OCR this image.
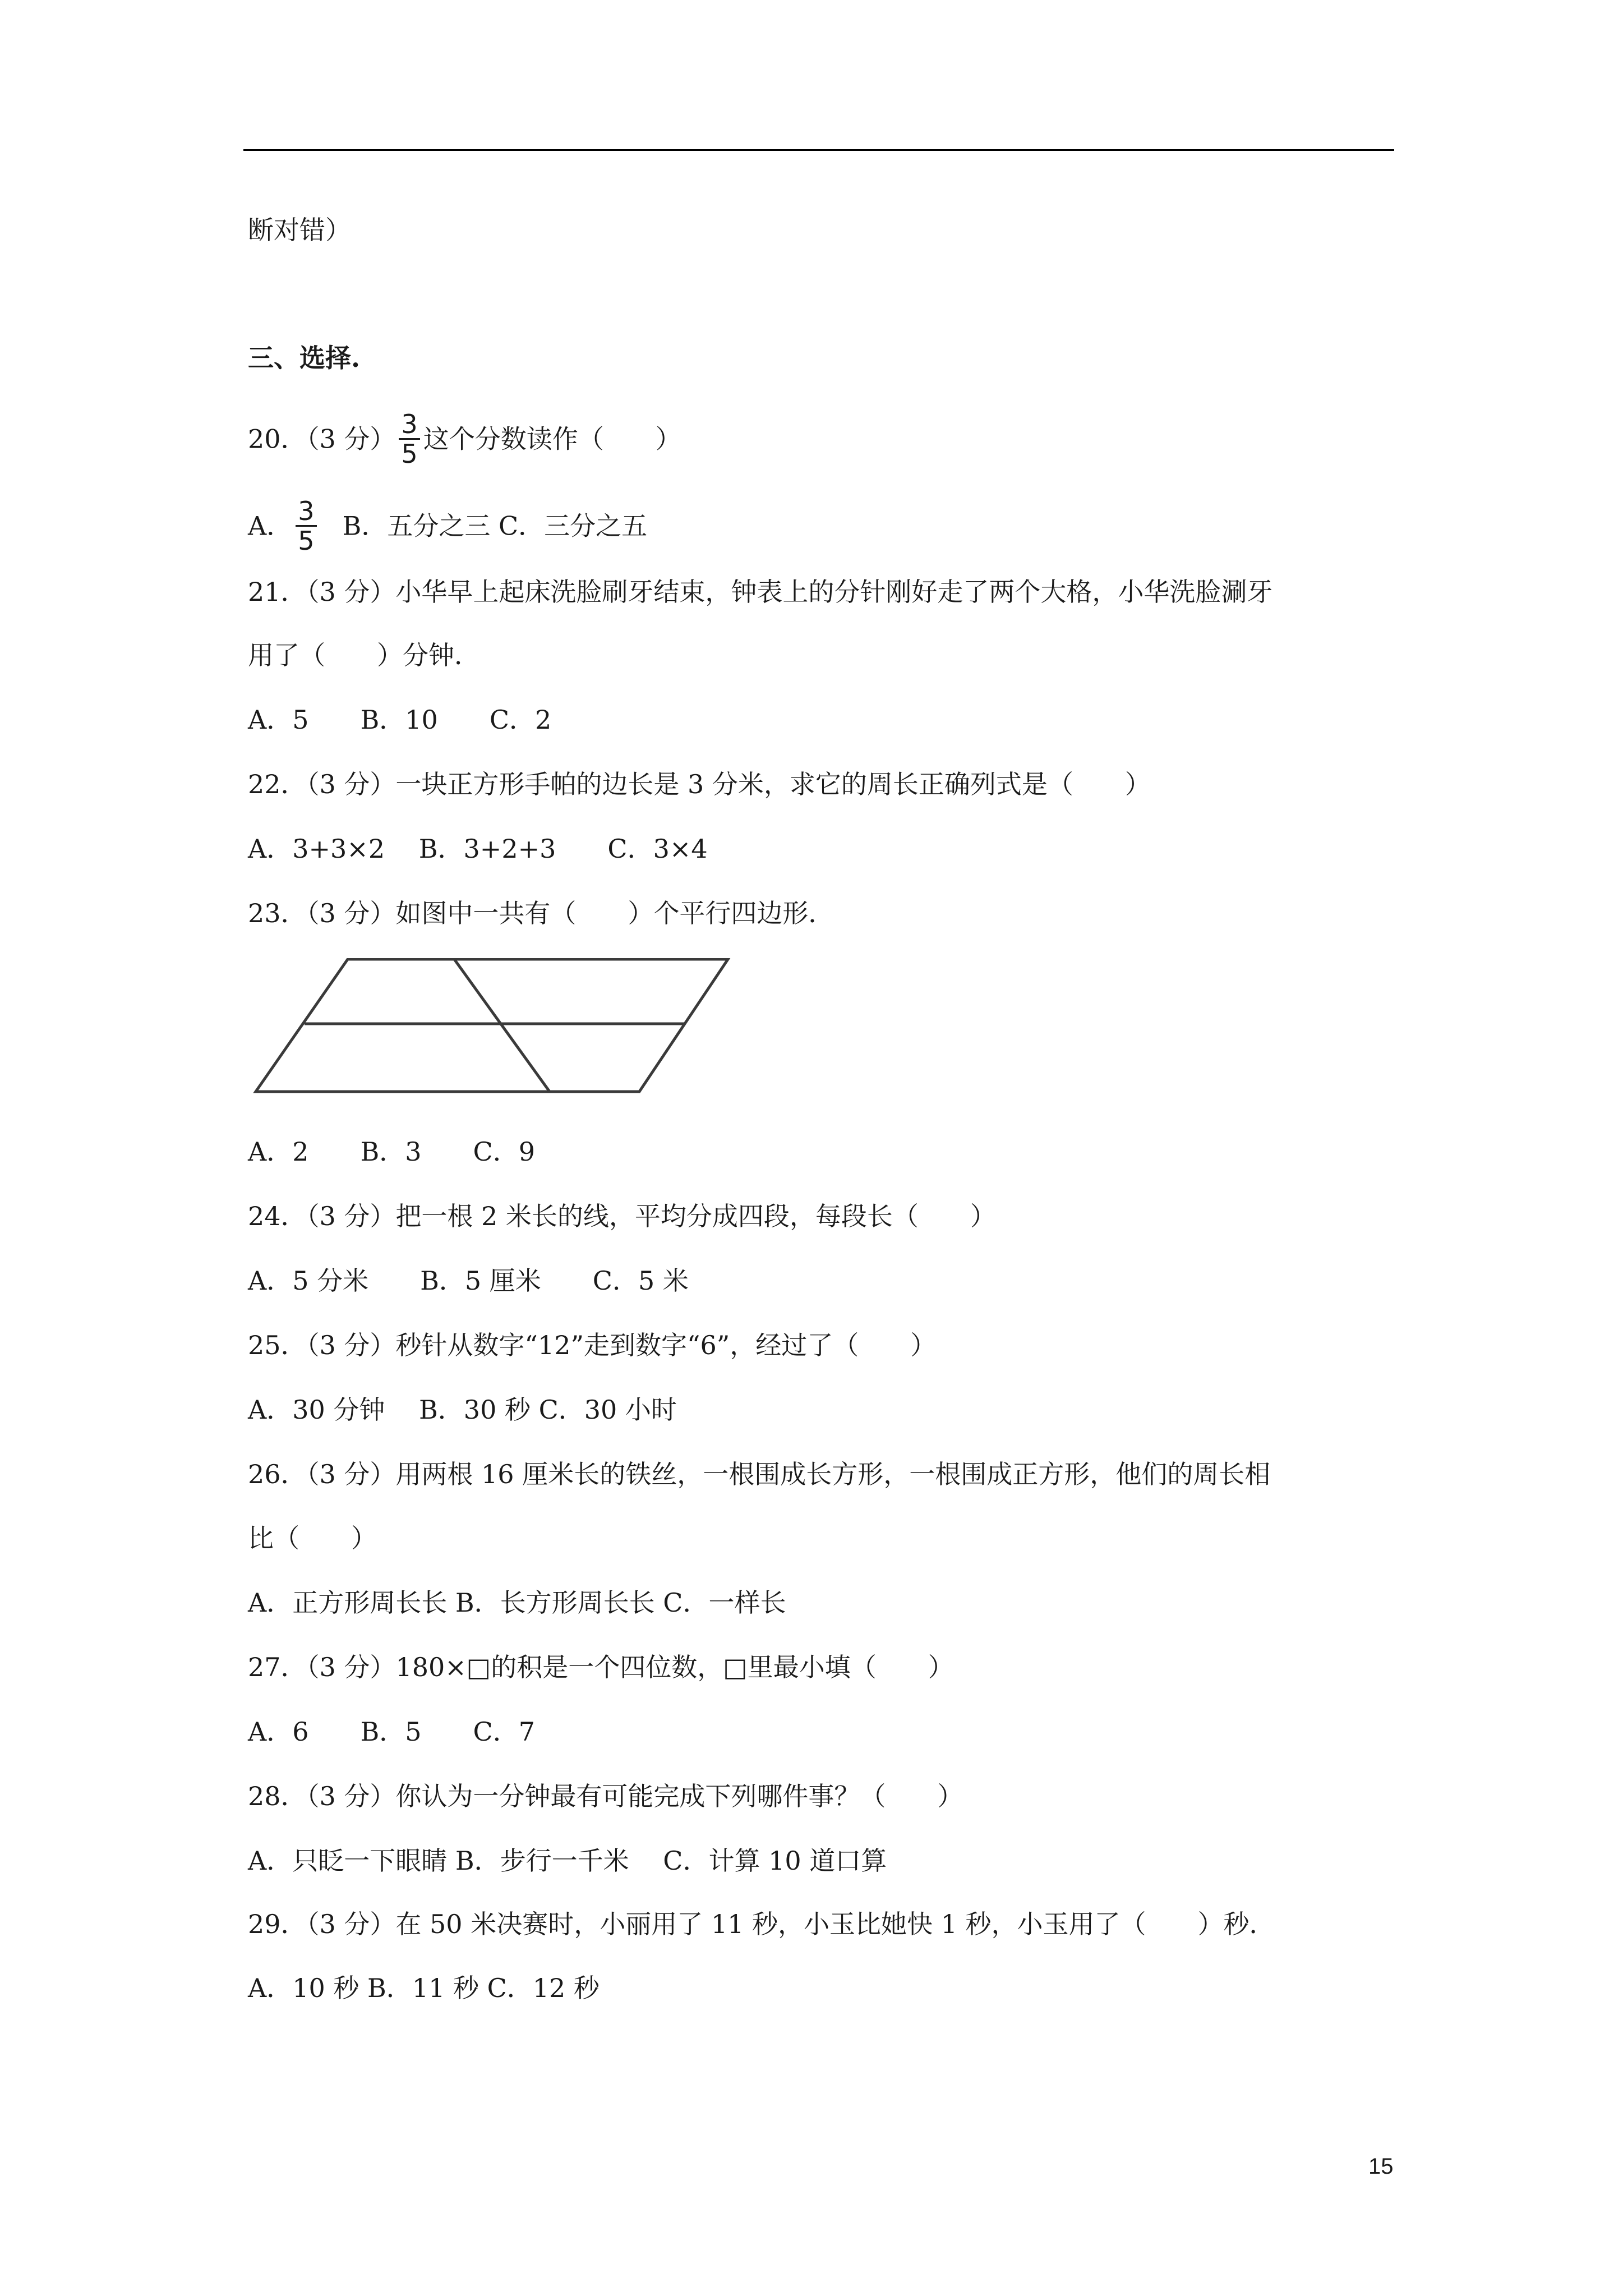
断对错）
三、选择.
20．（3 分） $\frac{3}{5}$ 这个分数读作（　　）
A． $\frac{3}{5}$ B．五分之三 C．三分之五
21．（3 分）小华早上起床洗脸刷牙结束，钟表上的分针刚好走了两个大格，小华洗脸涮牙
用了（　　）分钟．
A．5　　B．10　　C．2
22．（3 分）一块正方形手帕的边长是 3 分米，求它的周长正确列式是（　　）
A．3+3×2　 B．3+2+3　　C．3×4
23．（3 分）如图中一共有（　　）个平行四边形．
A．2　　B．3　　C．9
24．（3 分）把一根 2 米长的线，平均分成四段，每段长（　　）
A．5 分米　　B．5 厘米　　C．5 米
25．（3 分）秒针从数字“12”走到数字“6”，经过了（　　）
A．30 分钟　 B．30 秒 C．30 小时
26．（3 分）用两根 16 厘米长的铁丝，一根围成长方形，一根围成正方形，他们的周长相
比（　　）
A．正方形周长长 B．长方形周长长 C．一样长
27．（3 分）180×□的积是一个四位数，□里最小填（　　）
A．6　　B．5　　C．7
28．（3 分）你认为一分钟最有可能完成下列哪件事？（　　）
A．只眨一下眼睛 B．步行一千米　 C．计算 10 道口算
29．（3 分）在 50 米决赛时，小丽用了 11 秒，小玉比她快 1 秒，小玉用了（　　）秒．
A．10 秒 B．11 秒 C．12 秒
15
